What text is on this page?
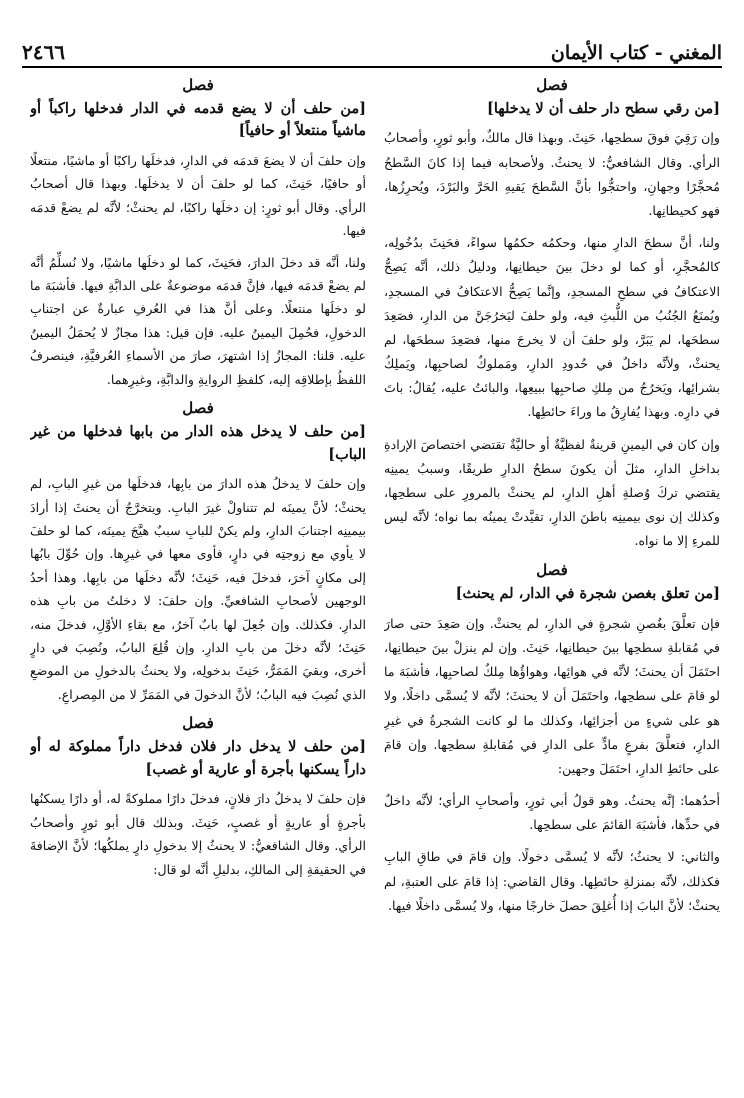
٢٤٦٦	المغني - كتاب الأيمان
فصل
[من رقي سطح دار حلف أن لا يدخلها]

وإن رَقِيَ فوقَ سطحِها، حَنِثَ. وبهذا قال مالكٌ، وأبو ثورٍ، وأصحابُ الرأي. وقال الشافعيُّ: لا يحنثُ. ولأصحابه فيما إذا كانَ السَّطحُ مُحجَّرًا وجهانِ، واحتجُّوا بأنَّ السَّطحَ يَقيهِ الحَرَّ والبَرْدَ، ويُحرِزُها، فهو كحيطانِها.

ولنا، أنَّ سطحَ الدارِ منها، وحكمُه حكمُها سواءً، فحَنِثَ بدُخُولِه، كالمُحجَّرِ، أو كما لو دخلَ بينَ حيطانِها، ودليلُ ذلك، أنَّه يَصِحُّ الاعتكافُ في سطحِ المسجدِ، وإنَّما يَصِحُّ الاعتكافُ في المسجدِ، ويُمنَعُ الجُنُبُ من اللُّبثِ فيه، ولو حلفَ ليَخرُجَنَّ من الدارِ، فصَعِدَ سطحَها، لم يَبَرَّ، ولو حلفَ أن لا يخرجَ منها، فصَعِدَ سطحَها، لم يحنثْ، ولأنَّه داخلٌ في حُدودِ الدارِ، ومَملوكٌ لصاحبِها، ويَملِكُ بشرائِها، ويَخرُجُ من مِلكِ صاحبِها ببيعِها، والبائتُ عليه، يُقالُ: باتَ في دارِه. وبهذا يُفارِقُ ما وراءَ حائطِها.

وإن كان في اليمينِ قرينةٌ لفظيَّةٌ أو حاليَّةٌ تقتضي اختصاصَ الإرادةِ بداخلِ الدارِ، مثلَ أن يكونَ سطحُ الدارِ طريقًا، وسببُ يمينِه يقتضي تركَ وُصلةِ أهلِ الدارِ، لم يحنثْ بالمرورِ على سطحِها، وكذلك إن نوى بيمينِه باطنَ الدارِ، تقيَّدتْ يمينُه بما نواه؛ لأنَّه ليس للمرءِ إلا ما نواه.

فصل
[من تعلق بغصن شجرة في الدار، لم يحنث]

فإن تعلَّقَ بغُصنِ شجرةٍ في الدارِ، لم يحنثْ. وإن صَعِدَ حتى صارَ في مُقابلةِ سطحِها بينَ حيطانِها، حَنِثَ. وإن لم ينزلْ بينَ حيطانِها، احتَمَلَ أن يحنثَ؛ لأنَّه في هوائِها، وهواؤُها مِلكٌ لصاحبِها، فأشبَهَ ما لو قامَ على سطحِها، واحتَمَلَ أن لا يحنثَ؛ لأنَّه لا يُسمَّى داخلًا، ولا هو على شيءٍ من أجزائِها، وكذلك ما لو كانت الشجرةُ في غيرِ الدارِ، فتعلَّقَ بفرعٍ مادٍّ على الدارِ في مُقابلةِ سطحِها. وإن قامَ على حائطِ الدارِ، احتَمَلَ وجهين:

أحدُهما: إنَّه يحنثُ. وهو قولُ أبي ثورٍ، وأصحابِ الرأي؛ لأنَّه داخلٌ في حدِّها، فأشبَهَ القائمَ على سطحِها.

والثاني: لا يحنثُ؛ لأنَّه لا يُسمَّى دخولًا. وإن قامَ في طاقِ البابِ فكذلك، لأنَّه بمنزلةِ حائطِها. وقال القاضي: إذا قامَ على العتبةِ، لم يحنثْ؛ لأنَّ البابَ إذا أُغلِقَ حصلَ خارجًا منها، ولا يُسمَّى داخلًا فيها.

فصل
[من حلف أن لا يضع قدمه في الدار فدخلها راكباً أو ماشياً منتعلاً أو حافياً]

وإن حلفَ أن لا يضعَ قدمَه في الدارِ، فدخلَها راكبًا أو ماشيًا، منتعلًا أو حافيًا، حَنِثَ، كما لو حلفَ أن لا يدخلَها. وبهذا قال أصحابُ الرأي. وقال أبو ثورٍ: إن دخلَها راكبًا، لم يحنثْ؛ لأنَّه لم يضعْ قدمَه فيها.

ولنا، أنَّه قد دخلَ الدارَ، فحَنِثَ، كما لو دخلَها ماشيًا، ولا نُسلِّمُ أنَّه لم يضعْ قدمَه فيها، فإنَّ قدمَه موضوعةٌ على الدابَّةِ فيها. فأشبَهَ ما لو دخلَها منتعلًا. وعلى أنَّ هذا في العُرفِ عبارةٌ عن اجتنابِ الدخولِ، فحُمِلَ اليمينُ عليه. فإن قيل: هذا مجازٌ لا يُحمَلُ اليمينُ عليه. قلنا: المجازُ إذا اشتهرَ، صارَ من الأسماءِ العُرفيَّةِ، فينصرفُ اللفظُ بإطلاقِه إليه، كلفظِ الروايةِ والدابَّةِ، وغيرِهما.

فصل
[من حلف لا يدخل هذه الدار من بابها فدخلها من غير الباب]

وإن حلفَ لا يدخلُ هذه الدارَ من بابِها، فدخلَها من غيرِ البابِ، لم يحنثْ؛ لأنَّ يمينَه لم تتناولْ غيرَ البابِ. ويتخرَّجُ أن يحنثَ إذا أرادَ بيمينِه اجتنابَ الدارِ، ولم يكنْ للبابِ سببٌ هيَّجَ يمينَه، كما لو حلفَ لا يأوي مع زوجتِه في دارٍ، فأوى معها في غيرِها. وإن حُوِّلَ بابُها إلى مكانٍ آخرَ، فدخلَ فيه، حَنِثَ؛ لأنَّه دخلَها من بابِها. وهذا أحدُ الوجهين لأصحابِ الشافعيِّ. وإن حلفَ: لا دخلتُ من بابِ هذه الدارِ. فكذلك. وإن جُعِلَ لها بابٌ آخرُ، مع بقاءِ الأوَّلِ، فدخلَ منه، حَنِثَ؛ لأنَّه دخلَ من بابِ الدارِ. وإن قُلِعَ البابُ، ونُصِبَ في دارٍ أخرى، وبقيَ المَمَرُّ، حَنِثَ بدخولِه، ولا يحنثُ بالدخولِ من الموضعِ الذي نُصِبَ فيه البابُ؛ لأنَّ الدخولَ في المَمَرِّ لا من المِصراعِ.

فصل
[من حلف لا يدخل دار فلان فدخل داراً مملوكة له أو داراً يسكنها بأجرة أو عارية أو غصب]

فإن حلفَ لا يدخلُ دارَ فلانٍ، فدخلَ دارًا مملوكةً له، أو دارًا يسكنُها بأجرةٍ أو عاريةٍ أو غصبٍ، حَنِثَ. وبذلك قال أبو ثورٍ وأصحابُ الرأي. وقال الشافعيُّ: لا يحنثُ إلا بدخولِ دارٍ يملكُها؛ لأنَّ الإضافةَ في الحقيقةِ إلى المالكِ، بدليلِ أنَّه لو قال:
